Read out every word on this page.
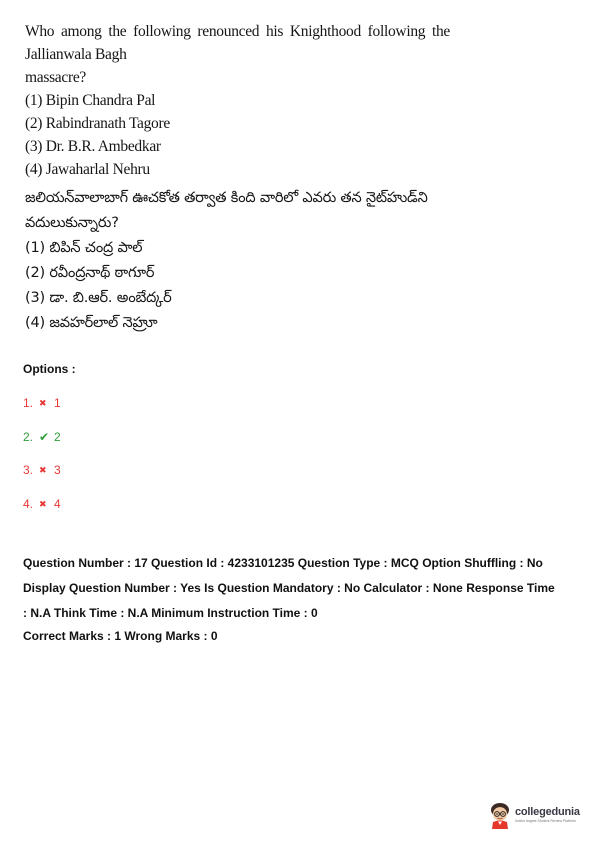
Who among the following renounced his Knighthood following the Jallianwala Bagh
massacre?
(1) Bipin Chandra Pal
(2) Rabindranath Tagore
(3) Dr. B.R. Ambedkar
(4) Jawaharlal Nehru
జలియన్‌వాలాబాగ్ ఊచకోత తర్వాత కింది వారిలో ఎవరు తన నైట్‌హుడ్‌ని
వదులుకున్నారు?
(1) బిపిన్ చంద్ర పాల్
(2) రవీంద్రనాథ్ ఠాగూర్
(3) డా. బి.ఆర్. అంబేద్కర్
(4) జవహర్‌లాల్ నెహ్రూ
Options :
1. ✖ 1
2. ✔ 2
3. ✖ 3
4. ✖ 4
Question Number : 17 Question Id : 4233101235 Question Type : MCQ Option Shuffling : No
Display Question Number : Yes Is Question Mandatory : No Calculator : None Response Time
: N.A Think Time : N.A Minimum Instruction Time : 0
Correct Marks : 1 Wrong Marks : 0
collegedunia
India's largest Student Review Platform
